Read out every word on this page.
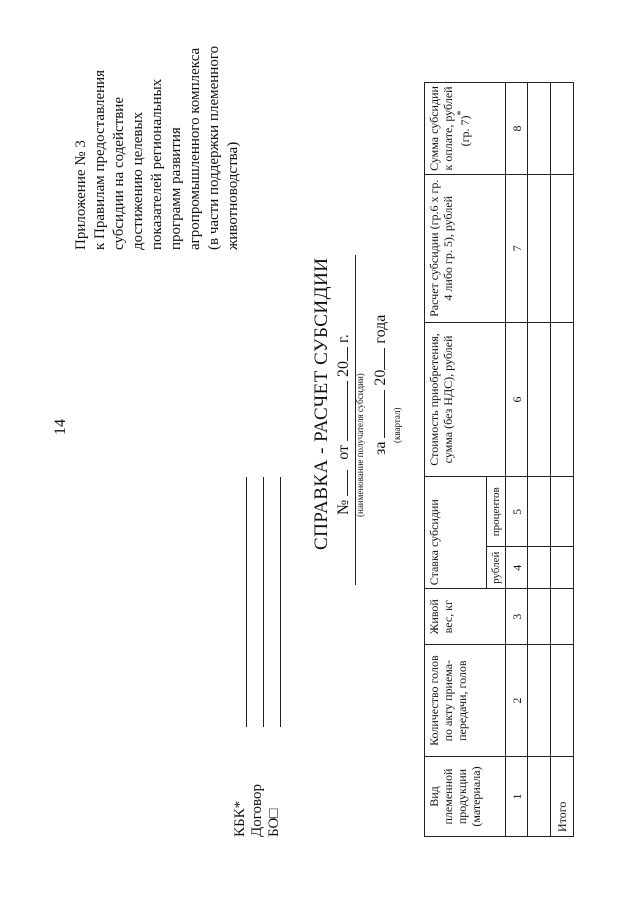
14
Приложение № 3 к Правилам предоставления субсидии на содействие достижению целевых показателей региональных программ развития агропромышленного комплекса (в части поддержки племенного животноводства)
КБК* Договор БО□
СПРАВКА - РАСЧЕТ СУБСИДИИ №  от  20 г.
(наименование получателя субсидии) за  20 года
(квартал)
Вид племенной продукции (материала)	Количество голов по акту приема-передачи, голов	Живой вес, кг	Ставка субсидии		Стоимость приобретения, сумма (без НДС), рублей	Расчет субсидии (гр.6 х гр. 4 либо гр. 5), рублей	Сумма субсидии к оплате, рублей (гр. 7)*
			рублей	процентов			
1	2	3	4	5	6	7	8

Итого							
